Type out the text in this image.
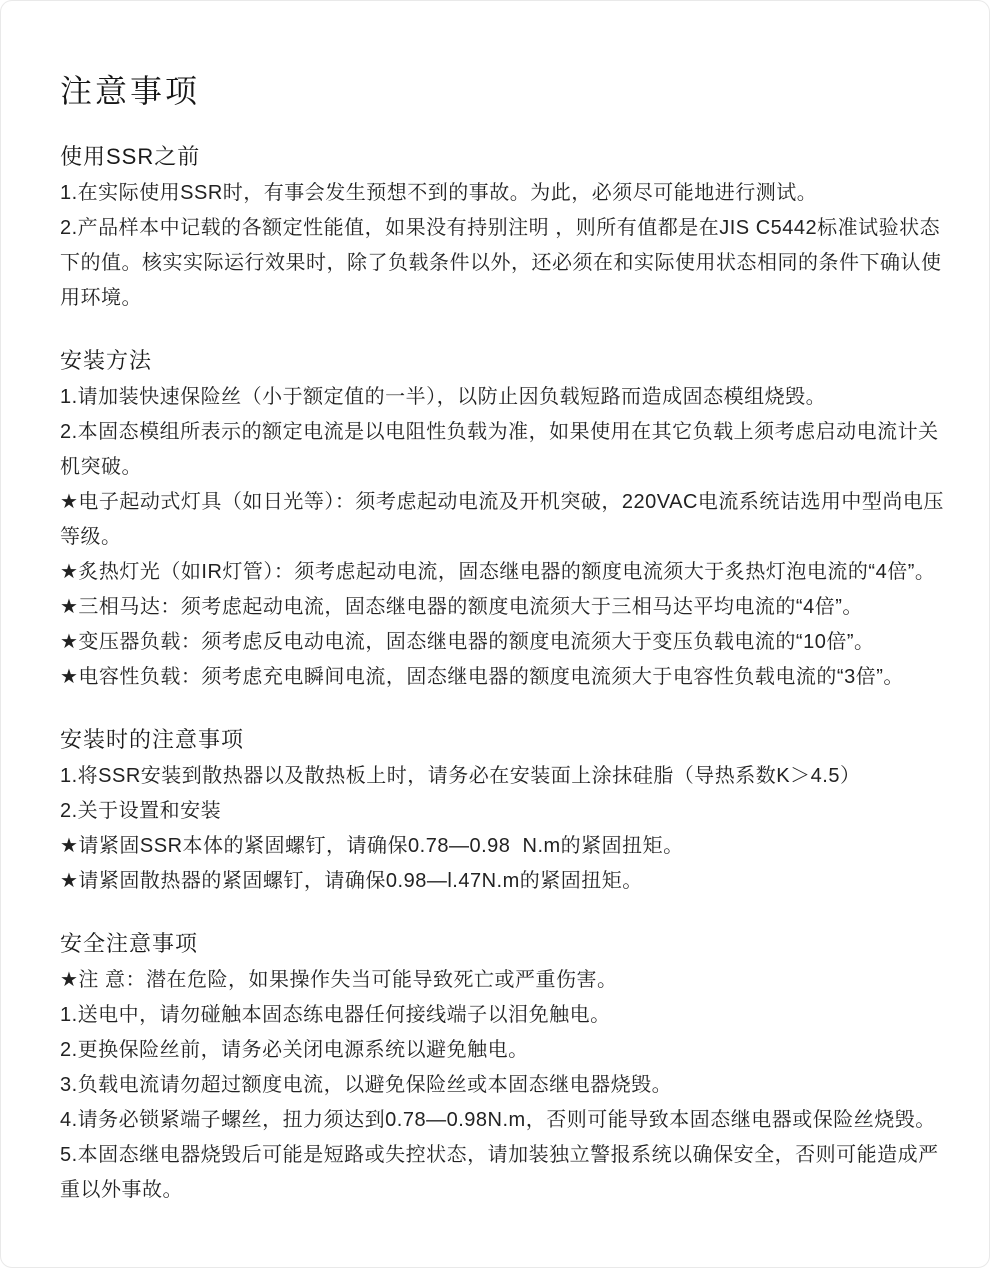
注意事项
使用SSR之前

1.在实际使用SSR时，有事会发生预想不到的事故。为此，必须尽可能地进行测试。

2.产品样本中记载的各额定性能值，如果没有持别注明 ，则所有值都是在JIS C5442标准试验状态下的值。核实实际运行效果时，除了负载条件以外，还必须在和实际使用状态相同的条件下确认使用环境。

安装方法

1.请加装快速保险丝（小于额定值的一半），以防止因负载短路而造成固态模组烧毁。

2.本固态模组所表示的额定电流是以电阻性负载为准，如果使用在其它负载上须考虑启动电流计关机突破。

★电子起动式灯具（如日光等）：须考虑起动电流及开机突破，220VAC电流系统诘选用中型尚电压等级。

★炙热灯光（如IR灯管）：须考虑起动电流，固态继电器的额度电流须大于炙热灯泡电流的“4倍”。

★三相马达：须考虑起动电流，固态继电器的额度电流须大于三相马达平均电流的“4倍”。

★变压器负载：须考虑反电动电流，固态继电器的额度电流须大于变压负载电流的“10倍”。

★电容性负载：须考虑充电瞬间电流，固态继电器的额度电流须大于电容性负载电流的“3倍”。

安装时的注意事项

1.将SSR安装到散热器以及散热板上时，请务必在安装面上涂抹硅脂（导热系数K＞4.5）

2.关于设置和安装

★请紧固SSR本体的紧固螺钉，请确保0.78—0.98  N.m的紧固扭矩。

★请紧固散热器的紧固螺钉，请确保0.98—l.47N.m的紧固扭矩。

安全注意事项

★注 意：潜在危险，如果操作失当可能导致死亡或严重伤害。

1.送电中，请勿碰触本固态练电器任何接线端子以泪免触电。

2.更换保险丝前，请务必关闭电源系统以避免触电。

3.负载电流请勿超过额度电流，以避免保险丝或本固态继电器烧毁。

4.请务必锁紧端子螺丝，扭力须达到0.78—0.98N.m，否则可能导致本固态继电器或保险丝烧毁。

5.本固态继电器烧毁后可能是短路或失控状态，请加装独立警报系统以确保安全，否则可能造成严重以外事故。
